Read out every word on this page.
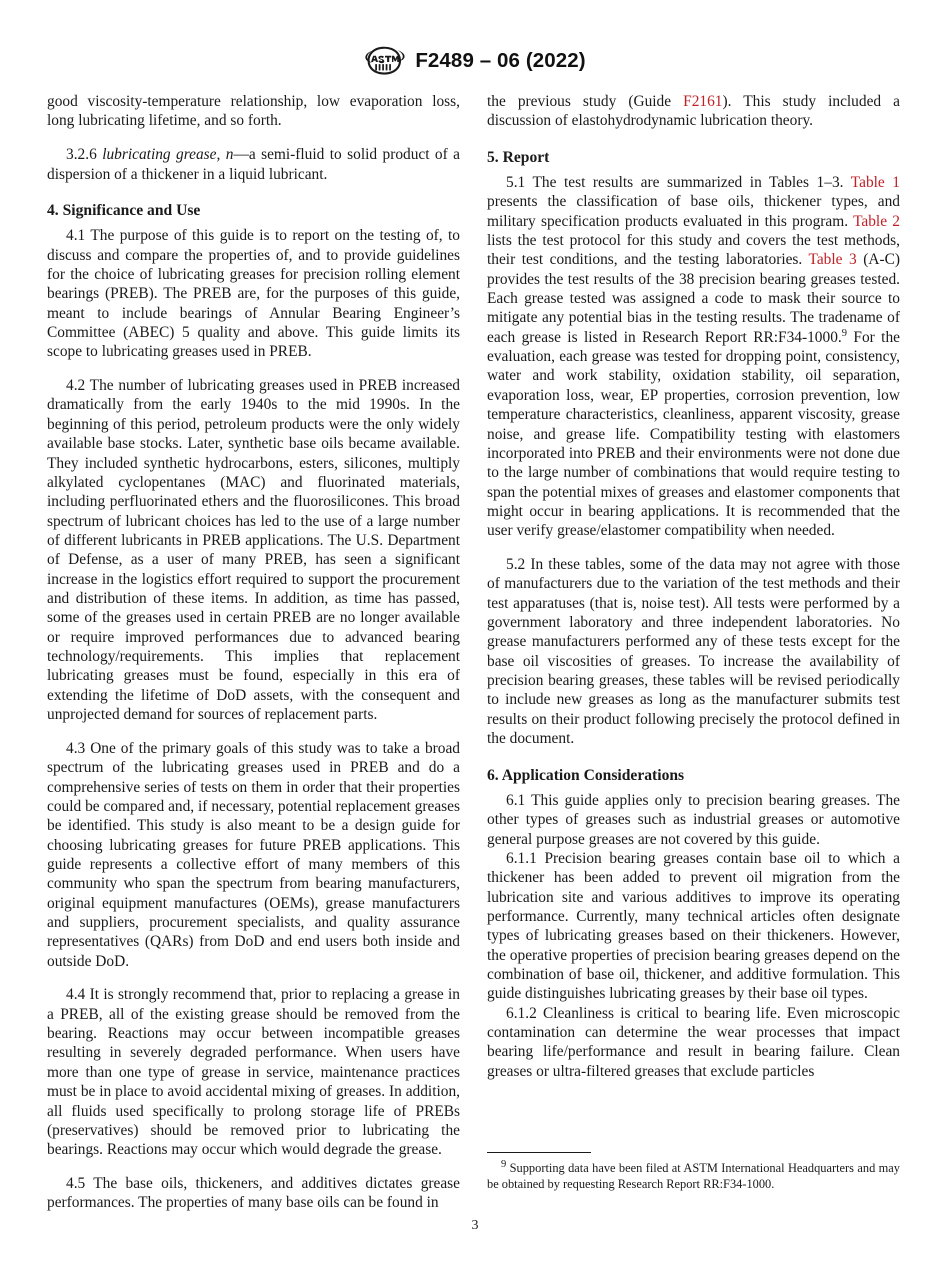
F2489 – 06 (2022)

good viscosity-temperature relationship, low evaporation loss, long lubricating lifetime, and so forth.

3.2.6 lubricating grease, n—a semi-fluid to solid product of a dispersion of a thickener in a liquid lubricant.

4. Significance and Use

4.1 The purpose of this guide is to report on the testing of, to discuss and compare the properties of, and to provide guidelines for the choice of lubricating greases for precision rolling element bearings (PREB). The PREB are, for the purposes of this guide, meant to include bearings of Annular Bearing Engineer’s Committee (ABEC) 5 quality and above. This guide limits its scope to lubricating greases used in PREB.

4.2 The number of lubricating greases used in PREB increased dramatically from the early 1940s to the mid 1990s. In the beginning of this period, petroleum products were the only widely available base stocks. Later, synthetic base oils became available. They included synthetic hydrocarbons, esters, silicones, multiply alkylated cyclopentanes (MAC) and fluorinated materials, including perfluorinated ethers and the fluorosilicones. This broad spectrum of lubricant choices has led to the use of a large number of different lubricants in PREB applications. The U.S. Department of Defense, as a user of many PREB, has seen a significant increase in the logistics effort required to support the procurement and distribution of these items. In addition, as time has passed, some of the greases used in certain PREB are no longer available or require improved performances due to advanced bearing technology/requirements. This implies that replacement lubricating greases must be found, especially in this era of extending the lifetime of DoD assets, with the consequent and unprojected demand for sources of replacement parts.

4.3 One of the primary goals of this study was to take a broad spectrum of the lubricating greases used in PREB and do a comprehensive series of tests on them in order that their properties could be compared and, if necessary, potential replacement greases be identified. This study is also meant to be a design guide for choosing lubricating greases for future PREB applications. This guide represents a collective effort of many members of this community who span the spectrum from bearing manufacturers, original equipment manufactures (OEMs), grease manufacturers and suppliers, procurement specialists, and quality assurance representatives (QARs) from DoD and end users both inside and outside DoD.

4.4 It is strongly recommend that, prior to replacing a grease in a PREB, all of the existing grease should be removed from the bearing. Reactions may occur between incompatible greases resulting in severely degraded performance. When users have more than one type of grease in service, maintenance practices must be in place to avoid accidental mixing of greases. In addition, all fluids used specifically to prolong storage life of PREBs (preservatives) should be removed prior to lubricating the bearings. Reactions may occur which would degrade the grease.

4.5 The base oils, thickeners, and additives dictates grease performances. The properties of many base oils can be found in

the previous study (Guide F2161). This study included a discussion of elastohydrodynamic lubrication theory.

5. Report

5.1 The test results are summarized in Tables 1–3. Table 1 presents the classification of base oils, thickener types, and military specification products evaluated in this program. Table 2 lists the test protocol for this study and covers the test methods, their test conditions, and the testing laboratories. Table 3 (A-C) provides the test results of the 38 precision bearing greases tested. Each grease tested was assigned a code to mask their source to mitigate any potential bias in the testing results. The tradename of each grease is listed in Research Report RR:F34-1000.$^9$ For the evaluation, each grease was tested for dropping point, consistency, water and work stability, oxidation stability, oil separation, evaporation loss, wear, EP properties, corrosion prevention, low temperature characteristics, cleanliness, apparent viscosity, grease noise, and grease life. Compatibility testing with elastomers incorporated into PREB and their environments were not done due to the large number of combinations that would require testing to span the potential mixes of greases and elastomer components that might occur in bearing applications. It is recommended that the user verify grease/elastomer compatibility when needed.

5.2 In these tables, some of the data may not agree with those of manufacturers due to the variation of the test methods and their test apparatuses (that is, noise test). All tests were performed by a government laboratory and three independent laboratories. No grease manufacturers performed any of these tests except for the base oil viscosities of greases. To increase the availability of precision bearing greases, these tables will be revised periodically to include new greases as long as the manufacturer submits test results on their product following precisely the protocol defined in the document.

6. Application Considerations

6.1 This guide applies only to precision bearing greases. The other types of greases such as industrial greases or automotive general purpose greases are not covered by this guide.

6.1.1 Precision bearing greases contain base oil to which a thickener has been added to prevent oil migration from the lubrication site and various additives to improve its operating performance. Currently, many technical articles often designate types of lubricating greases based on their thickeners. However, the operative properties of precision bearing greases depend on the combination of base oil, thickener, and additive formulation. This guide distinguishes lubricating greases by their base oil types.

6.1.2 Cleanliness is critical to bearing life. Even microscopic contamination can determine the wear processes that impact bearing life/performance and result in bearing failure. Clean greases or ultra-filtered greases that exclude particles

$^9$ Supporting data have been filed at ASTM International Headquarters and may be obtained by requesting Research Report RR:F34-1000.

3
